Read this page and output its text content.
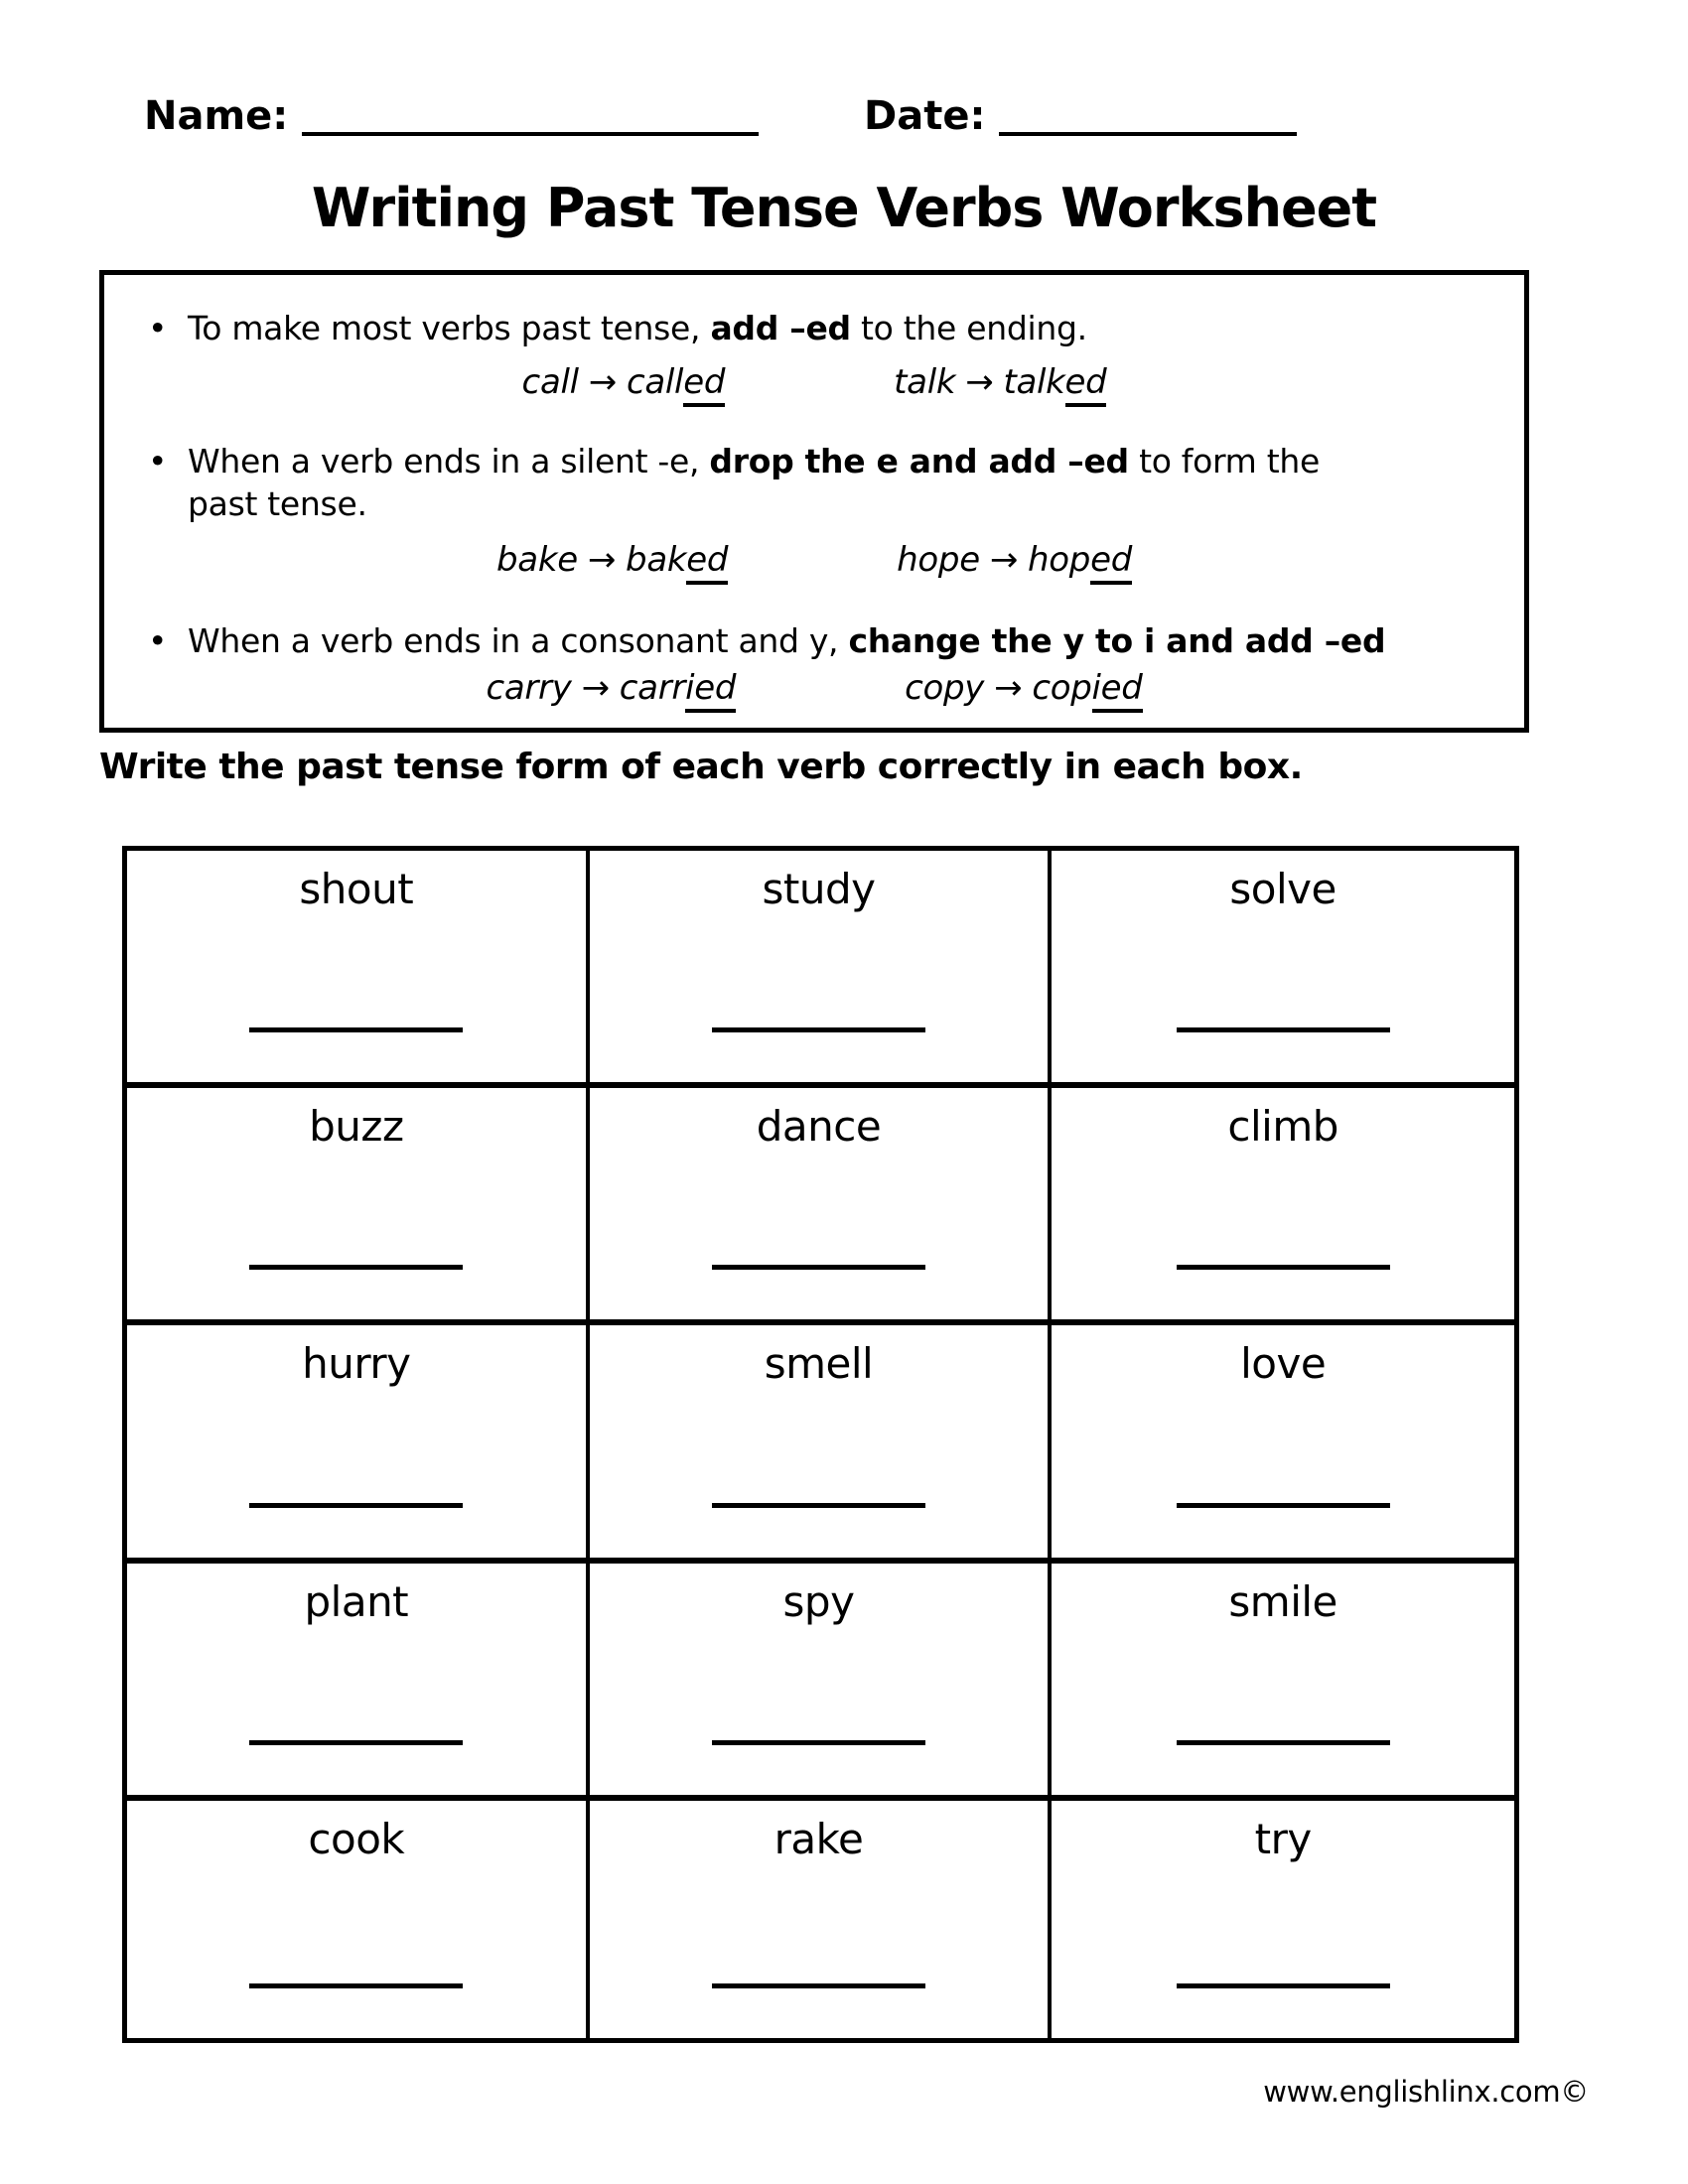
Name:	Date:
Writing Past Tense Verbs Worksheet
• To make most verbs past tense, add –ed to the ending.
call → called	talk → talked
• When a verb ends in a silent -e, drop the e and add –ed to form the
past tense.
bake → baked	hope → hoped
• When a verb ends in a consonant and y, change the y to i and add –ed
carry → carried	copy → copied
Write the past tense form of each verb correctly in each box.
shout	study	solve
buzz	dance	climb
hurry	smell	love
plant	spy	smile
cook	rake	try
www.englishlinx.com©
